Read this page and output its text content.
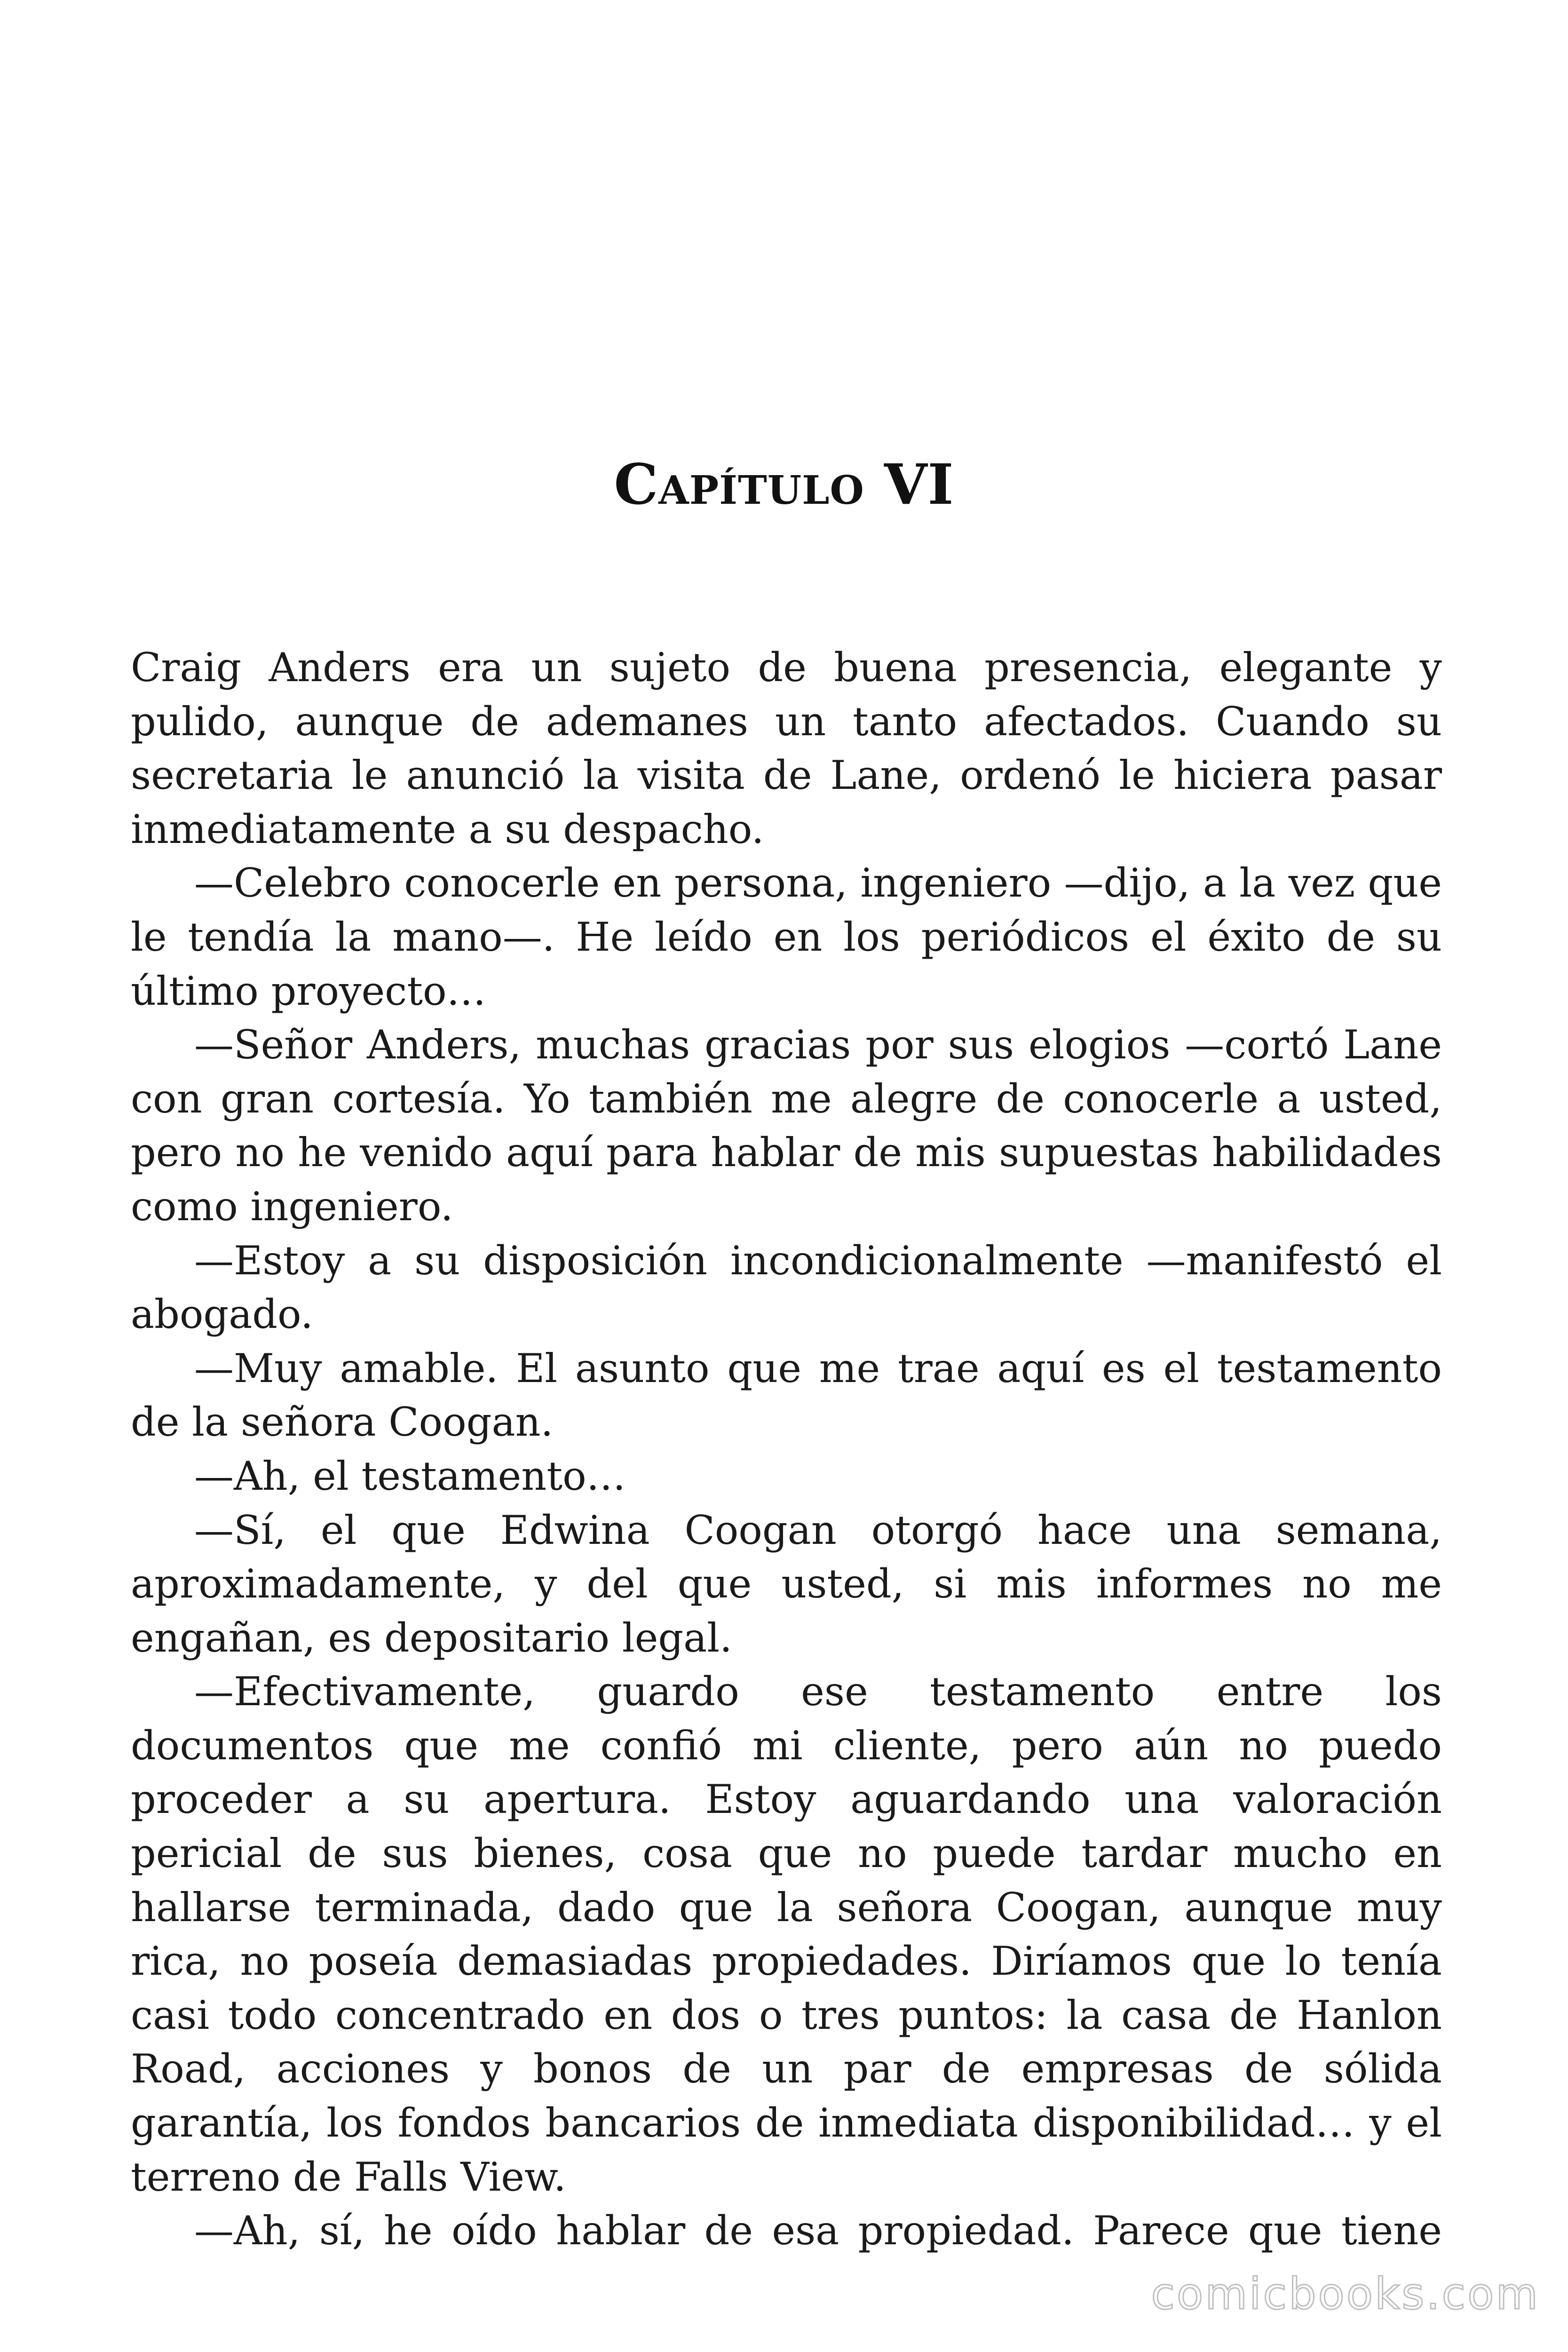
Capítulo VI

Craig Anders era un sujeto de buena presencia, elegante y pulido, aunque de ademanes un tanto afectados. Cuando su secretaria le anunció la visita de Lane, ordenó le hiciera pasar inmediatamente a su despacho.

—Celebro conocerle en persona, ingeniero —dijo, a la vez que le tendía la mano—. He leído en los periódicos el éxito de su último proyecto…

—Señor Anders, muchas gracias por sus elogios —cortó Lane con gran cortesía. Yo también me alegre de conocerle a usted, pero no he venido aquí para hablar de mis supuestas habilidades como ingeniero.

—Estoy a su disposición incondicionalmente —manifestó el abogado.

—Muy amable. El asunto que me trae aquí es el testamento de la señora Coogan.

—Ah, el testamento…

—Sí, el que Edwina Coogan otorgó hace una semana, aproximadamente, y del que usted, si mis informes no me engañan, es depositario legal.

—Efectivamente, guardo ese testamento entre los documentos que me confió mi cliente, pero aún no puedo proceder a su apertura. Estoy aguardando una valoración pericial de sus bienes, cosa que no puede tardar mucho en hallarse terminada, dado que la señora Coogan, aunque muy rica, no poseía demasiadas propiedades. Diríamos que lo tenía casi todo concentrado en dos o tres puntos: la casa de Hanlon Road, acciones y bonos de un par de empresas de sólida garantía, los fondos bancarios de inmediata disponibilidad… y el terreno de Falls View.

—Ah, sí, he oído hablar de esa propiedad. Parece que tiene

comicbooks.com
